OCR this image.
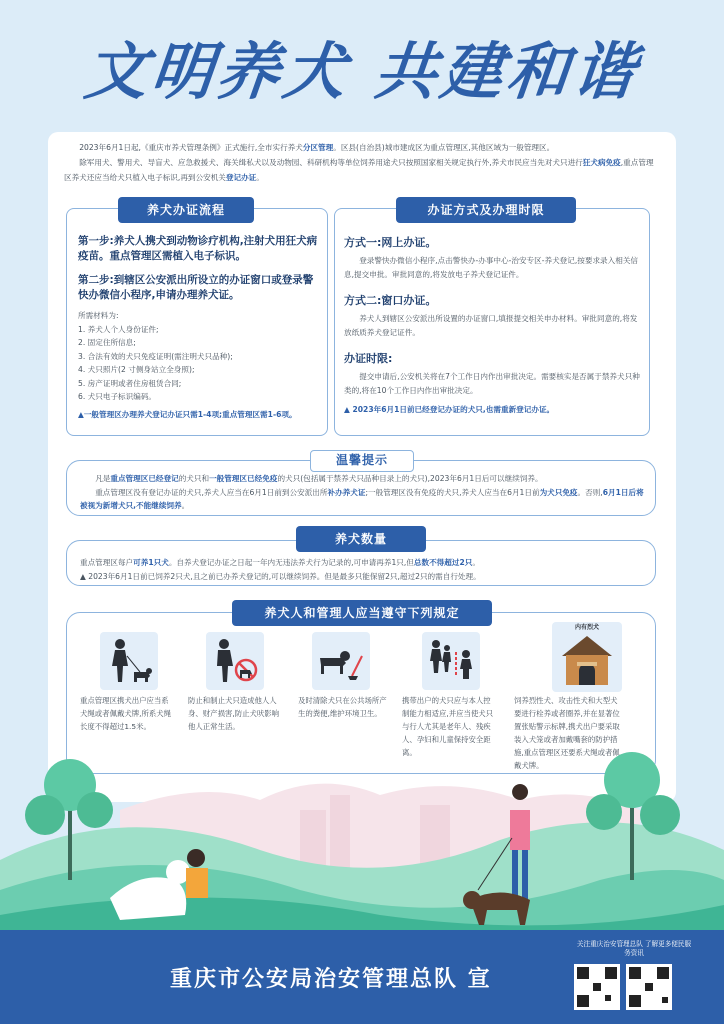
文明养犬 共建和谐

2023年6月1日起,《重庆市养犬管理条例》正式施行,全市实行养犬分区管理。区县(自治县)城市建成区为重点管理区,其他区域为一般管理区。

除军用犬、警用犬、导盲犬、应急救援犬、海关缉私犬以及动物园、科研机构等单位饲养用途犬只按照国家相关规定执行外,养犬市民应当先对犬只进行狂犬病免疫,重点管理区养犬还应当给犬只植入电子标识,再到公安机关登记办证。

养犬办证流程
第一步:养犬人携犬到动物诊疗机构,注射犬用狂犬病疫苗。重点管理区需植入电子标识。
第二步:到辖区公安派出所设立的办证窗口或登录警快办微信小程序,申请办理养犬证。
所需材料为:
1. 养犬人个人身份证件;
2. 固定住所信息;
3. 合法有效的犬只免疫证明(需注明犬只品种);
4. 犬只照片(2 寸侧身站立全身照);
5. 房产证明或者住房租赁合同;
6. 犬只电子标识编码。
▲一般管理区办理养犬登记办证只需1-4项;重点管理区需1-6项。
办证方式及办理时限
方式一:网上办证。
登录警快办微信小程序,点击警快办-办事中心-治安专区-养犬登记,按要求录入相关信息,提交申批。审批同意的,将发放电子养犬登记证件。
方式二:窗口办证。
养犬人到辖区公安派出所设置的办证窗口,填报提交相关申办材料。审批同意的,将发放纸质养犬登记证件。
办证时限:
提交申请后,公安机关将在7个工作日内作出审批决定。需要核实是否属于禁养犬只种类的,将在10个工作日内作出审批决定。
▲ 2023年6月1日前已经登记办证的犬只,也需重新登记办证。
温馨提示

凡是重点管理区已经登记的犬只和一般管理区已经免疫的犬只(包括属于禁养犬只品种目录上的犬只),2023年6月1日后可以继续饲养。

重点管理区没有登记办证的犬只,养犬人应当在6月1日前到公安派出所补办养犬证;一般管理区没有免疫的犬只,养犬人应当在6月1日前为犬只免疫。否则,6月1日后将被视为新增犬只,不能继续饲养。

养犬数量

重点管理区每户可养1只犬。自养犬登记办证之日起一年内无违法养犬行为记录的,可申请再养1只,但总数不得超过2只。

▲ 2023年6月1日前已饲养2只犬,且之前已办养犬登记的,可以继续饲养。但是最多只能保留2只,超过2只的需自行处理。

养犬人和管理人应当遵守下列规定
内有烈犬
重点管理区携犬出户应当系犬绳或者佩戴犬牌,所系犬绳长度不得超过1.5米。
防止和制止犬只造成他人人身、财产损害,防止犬吠影响他人正常生活。
及时清除犬只在公共场所产生的粪便,维护环境卫生。
携带出户的犬只应与本人控制能力相适应,并应当使犬只与行人尤其是老年人、残疾人、孕妇和儿童保持安全距离。
饲养烈性犬、攻击性犬和大型犬要进行栓养或者圈养,并在显著位置张贴警示标牌,携犬出户要采取装入犬笼或者加戴嘴套的防护措施,重点管理区还要系犬绳或者佩戴犬牌。
重庆市公安局治安管理总队 宣
关注重庆治安管理总队 了解更多便民服务资讯
